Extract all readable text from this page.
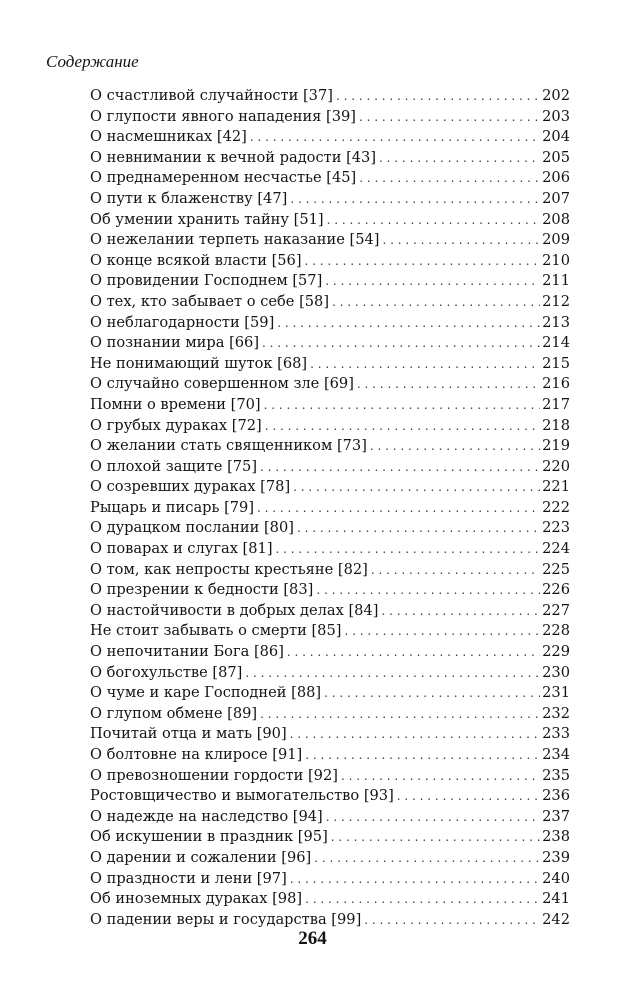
Содержание
О счастливой случайности [37] . . .	202
О глупости явного нападения [39] . . .	203
О насмешниках [42] . . .	204
О невнимании к вечной радости [43] . . .	205
О преднамеренном несчастье [45] . . .	206
О пути к блаженству [47] . . .	207
Об умении хранить тайну [51] . . .	208
О нежелании терпеть наказание [54] . . .	209
О конце всякой власти [56] . . .	210
О провидении Господнем [57] . . .	211
О тех, кто забывает о себе [58] . . .	212
О неблагодарности [59] . . .	213
О познании мира [66] . . .	214
Не понимающий шуток [68] . . .	215
О случайно совершенном зле [69] . . .	216
Помни о времени [70] . . .	217
О грубых дураках [72] . . .	218
О желании стать священником [73] . . .	219
О плохой защите [75] . . .	220
О созревших дураках [78] . . .	221
Рыцарь и писарь [79] . . .	222
О дурацком послании [80] . . .	223
О поварах и слугах [81] . . .	224
О том, как непросты крестьяне [82] . . .	225
О презрении к бедности [83] . . .	226
О настойчивости в добрых делах [84] . . .	227
Не стоит забывать о смерти [85] . . .	228
О непочитании Бога [86] . . .	229
О богохульстве [87] . . .	230
О чуме и каре Господней [88] . . .	231
О глупом обмене [89] . . .	232
Почитай отца и мать [90] . . .	233
О болтовне на клиросе [91] . . .	234
О превозношении гордости [92] . . .	235
Ростовщичество и вымогательство [93] . . .	236
О надежде на наследство [94] . . .	237
Об искушении в праздник [95] . . .	238
О дарении и сожалении [96] . . .	239
О праздности и лени [97] . . .	240
Об иноземных дураках [98] . . .	241
О падении веры и государства [99] . . .	242
264
